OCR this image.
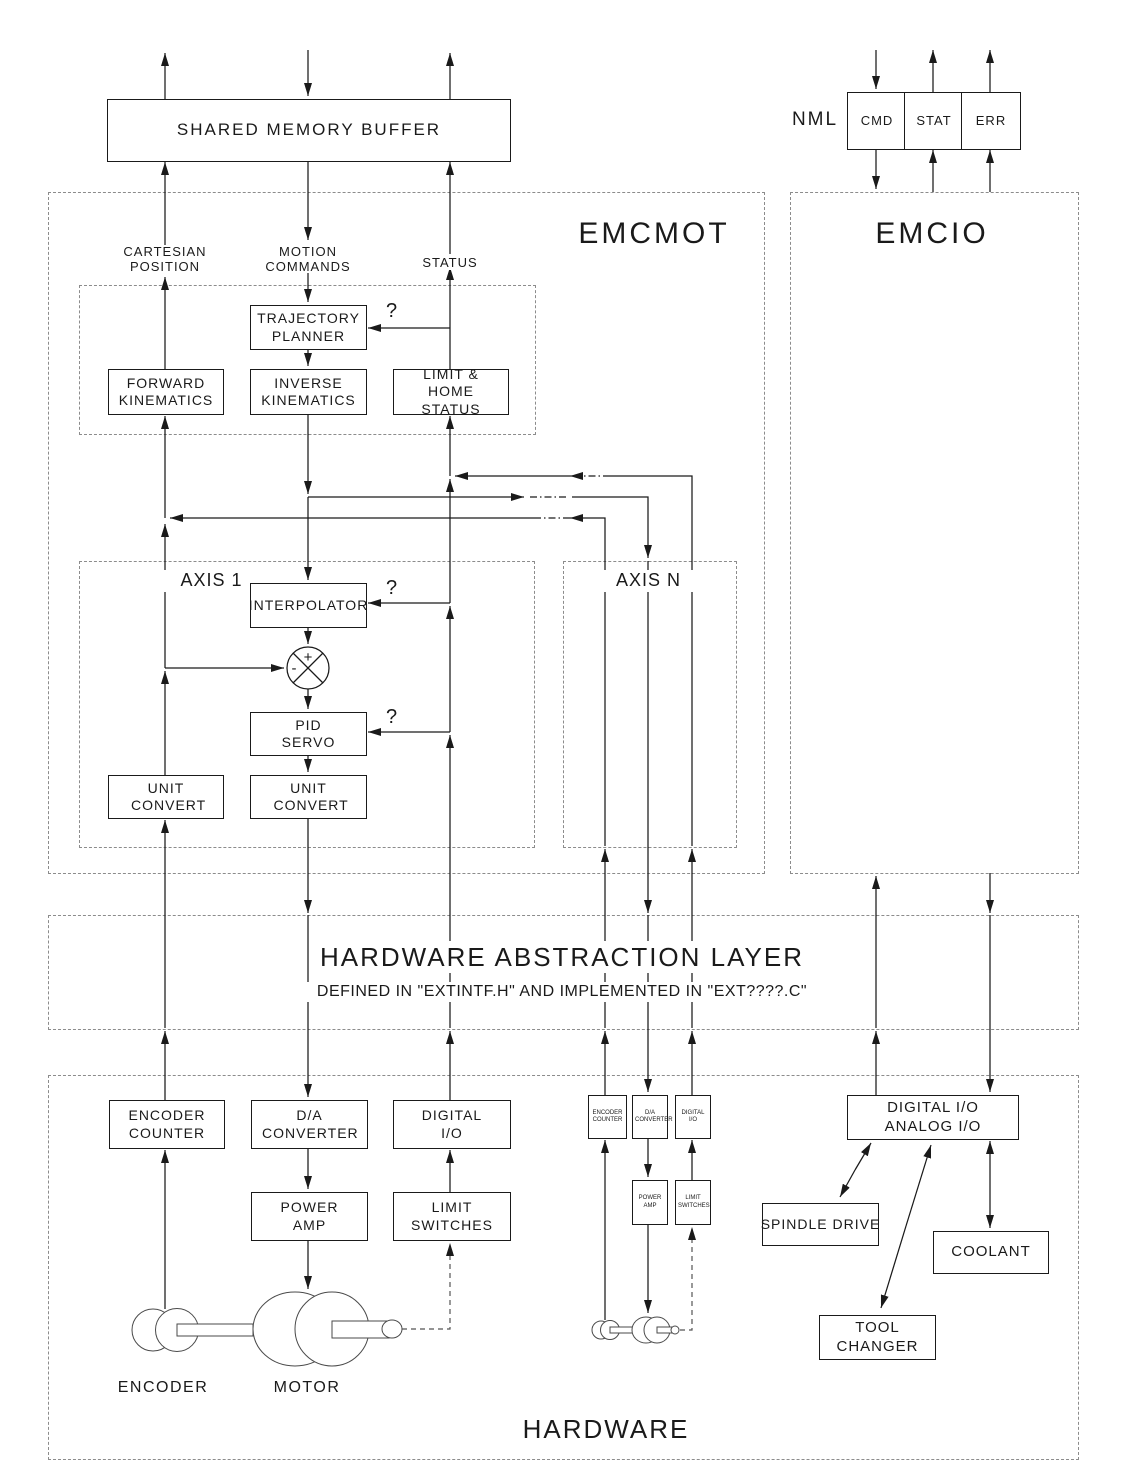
+
-
SHARED MEMORY BUFFER	NML CMD STAT ERR
EMCMOT	EMCIO
CARTESIAN POSITION
MOTION COMMANDS	STATUS
TRAJECTORY PLANNER
FORWARD KINEMATICS
INVERSE KINEMATICS
LIMIT & HOME STATUS
?
?
?
AXIS 1	AXIS N
INTERPOLATOR
PID SERVO
UNIT CONVERT
UNIT CONVERT
HARDWARE ABSTRACTION LAYER
DEFINED IN "EXTINTF.H" AND IMPLEMENTED IN "EXT????.C"
ENCODER COUNTER
D/A CONVERTER
DIGITAL I/O
POWER AMP
LIMIT SWITCHES
ENCODER COUNTER
D/A CONVERTER
DIGITAL I/O
POWER AMP
LIMIT SWITCHES
DIGITAL I/O
ANALOG I/O
SPINDLE DRIVE
COOLANT
TOOL CHANGER
ENCODER	MOTOR
HARDWARE
